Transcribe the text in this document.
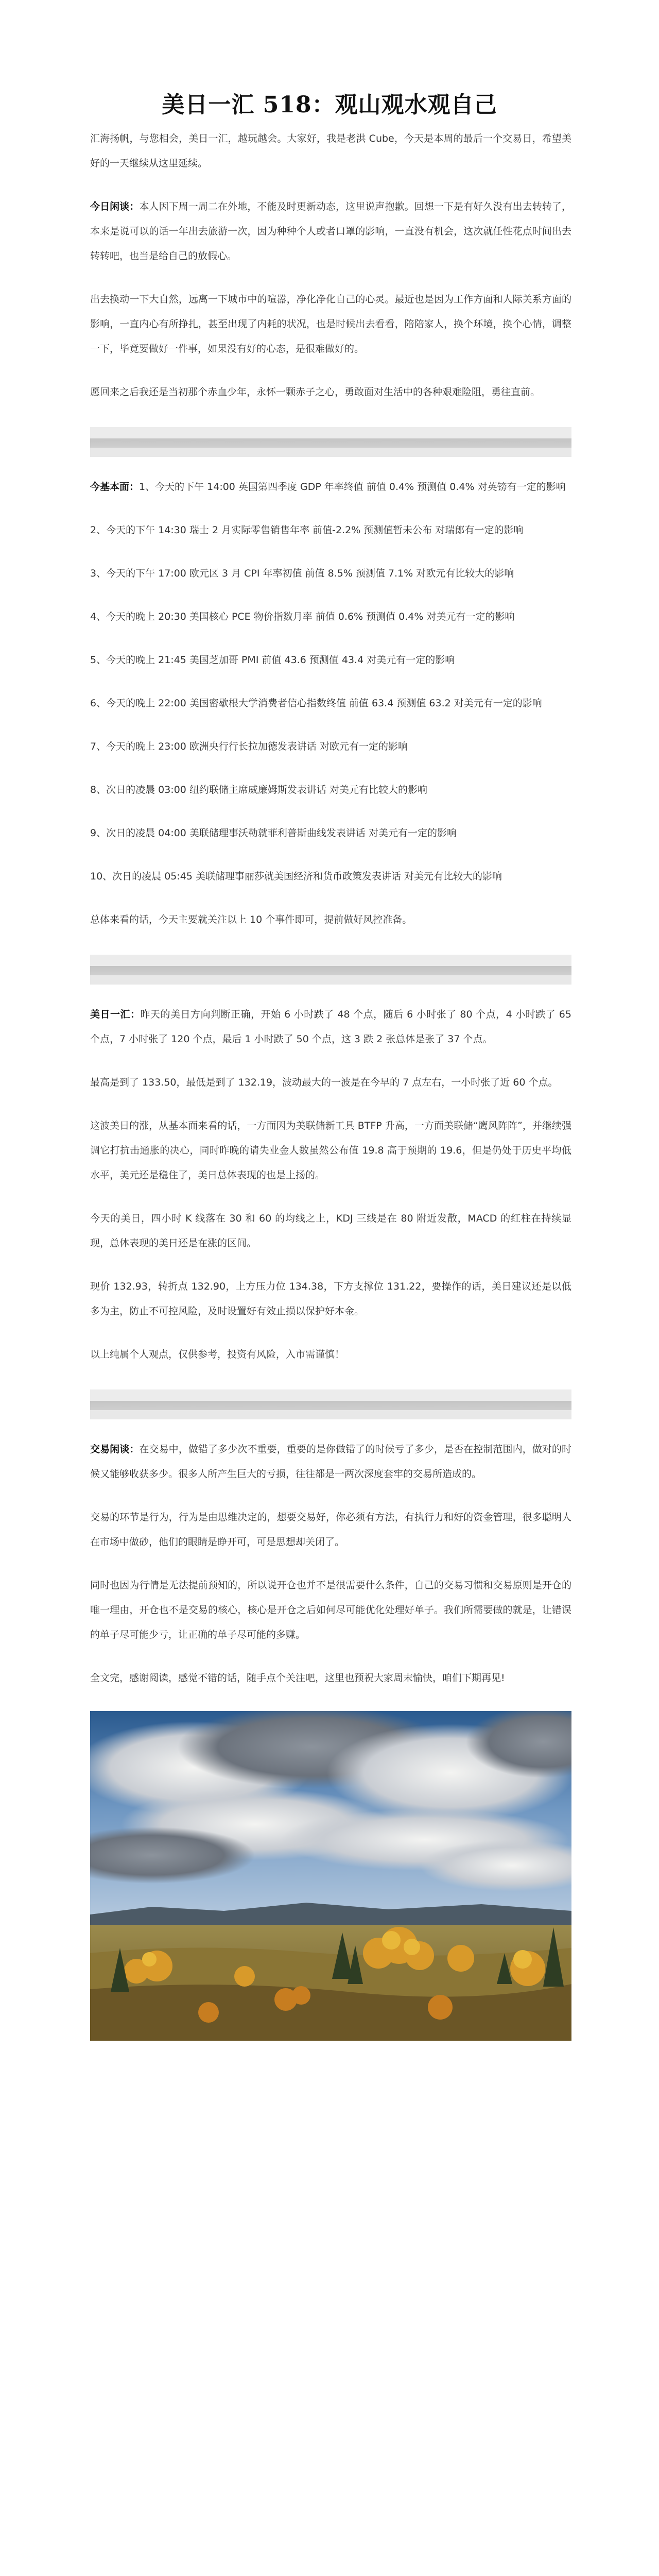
美日一汇 518：观山观水观自己

汇海扬帆，与您相会，美日一汇，越玩越会。大家好，我是老洪 Cube，今天是本周的最后一个交易日，希望美好的一天继续从这里延续。

今日闲谈：本人因下周一周二在外地，不能及时更新动态，这里说声抱歉。回想一下是有好久没有出去转转了，本来是说可以的话一年出去旅游一次，因为种种个人或者口罩的影响，一直没有机会，这次就任性花点时间出去转转吧，也当是给自己的放假心。

出去换动一下大自然，远离一下城市中的喧嚣，净化净化自己的心灵。最近也是因为工作方面和人际关系方面的影响，一直内心有所挣扎，甚至出现了内耗的状况，也是时候出去看看，陪陪家人，换个环境，换个心情，调整一下，毕竟要做好一件事，如果没有好的心态，是很难做好的。

愿回来之后我还是当初那个赤血少年，永怀一颗赤子之心，勇敢面对生活中的各种艰难险阻，勇往直前。

今基本面：1、今天的下午 14:00 英国第四季度 GDP 年率终值 前值 0.4% 预测值 0.4% 对英镑有一定的影响

2、今天的下午 14:30 瑞士 2 月实际零售销售年率 前值-2.2% 预测值暂未公布 对瑞郎有一定的影响

3、今天的下午 17:00 欧元区 3 月 CPI 年率初值 前值 8.5% 预测值 7.1% 对欧元有比较大的影响

4、今天的晚上 20:30 美国核心 PCE 物价指数月率 前值 0.6% 预测值 0.4% 对美元有一定的影响

5、今天的晚上 21:45 美国芝加哥 PMI 前值 43.6 预测值 43.4 对美元有一定的影响

6、今天的晚上 22:00 美国密歇根大学消费者信心指数终值 前值 63.4 预测值 63.2 对美元有一定的影响

7、今天的晚上 23:00 欧洲央行行长拉加德发表讲话 对欧元有一定的影响

8、次日的凌晨 03:00 纽约联储主席威廉姆斯发表讲话 对美元有比较大的影响

9、次日的凌晨 04:00 美联储理事沃勒就菲利普斯曲线发表讲话 对美元有一定的影响

10、次日的凌晨 05:45 美联储理事丽莎就美国经济和货币政策发表讲话 对美元有比较大的影响

总体来看的话，今天主要就关注以上 10 个事件即可，提前做好风控准备。

美日一汇：昨天的美日方向判断正确，开始 6 小时跌了 48 个点，随后 6 小时张了 80 个点，4 小时跌了 65 个点，7 小时张了 120 个点，最后 1 小时跌了 50 个点，这 3 跌 2 张总体是张了 37 个点。

最高是到了 133.50，最低是到了 132.19，波动最大的一波是在今早的 7 点左右，一小时张了近 60 个点。

这波美日的涨，从基本面来看的话，一方面因为美联储新工具 BTFP 升高，一方面美联储“鹰风阵阵”，并继续强调它打抗击通胀的决心，同时昨晚的请失业金人数虽然公布值 19.8 高于预期的 19.6，但是仍处于历史平均低水平，美元还是稳住了，美日总体表现的也是上扬的。

今天的美日，四小时 K 线落在 30 和 60 的均线之上，KDJ 三线是在 80 附近发散，MACD 的红柱在持续显现，总体表现的美日还是在涨的区间。

现价 132.93，转折点 132.90，上方压力位 134.38，下方支撑位 131.22，要操作的话，美日建议还是以低多为主，防止不可控风险，及时设置好有效止损以保护好本金。

以上纯属个人观点，仅供参考，投资有风险，入市需谨慎！

交易闲谈：在交易中，做错了多少次不重要，重要的是你做错了的时候亏了多少，是否在控制范围内，做对的时候又能够收获多少。很多人所产生巨大的亏损，往往都是一两次深度套牢的交易所造成的。

交易的环节是行为，行为是由思维决定的，想要交易好，你必须有方法，有执行力和好的资金管理，很多聪明人在市场中做砂，他们的眼睛是睁开可，可是思想却关闭了。

同时也因为行情是无法提前预知的，所以说开仓也并不是很需要什么条件，自己的交易习惯和交易原则是开仓的唯一理由，开仓也不是交易的核心，核心是开仓之后如何尽可能优化处理好单子。我们所需要做的就是，让错误的单子尽可能少亏，让正确的单子尽可能的多赚。

全文完，感谢阅读，感觉不错的话，随手点个关注吧，这里也预祝大家周末愉快，咱们下期再见!
